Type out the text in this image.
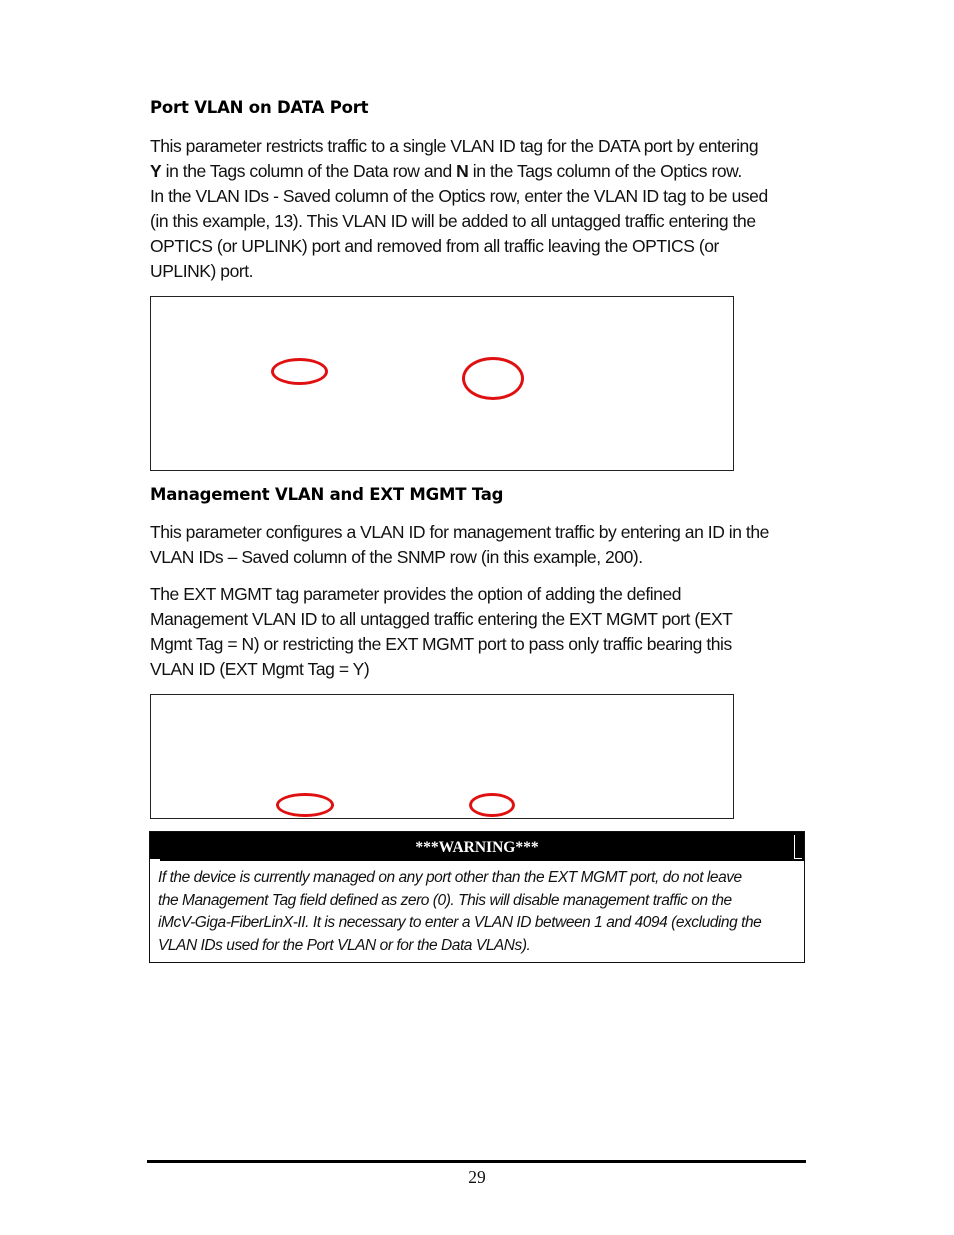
Port VLAN on DATA Port
This parameter restricts traffic to a single VLAN ID tag for the DATA port by entering
Y in the Tags column of the Data row and N in the Tags column of the Optics row.
In the VLAN IDs - Saved column of the Optics row, enter the VLAN ID tag to be used
(in this example, 13). This VLAN ID will be added to all untagged traffic entering the
OPTICS (or UPLINK) port and removed from all traffic leaving the OPTICS (or
UPLINK) port.
Management VLAN and EXT MGMT Tag
This parameter configures a VLAN ID for management traffic by entering an ID in the
VLAN IDs – Saved column of the SNMP row (in this example, 200).
The EXT MGMT tag parameter provides the option of adding the defined
Management VLAN ID to all untagged traffic entering the EXT MGMT port (EXT
Mgmt Tag = N) or restricting the EXT MGMT port to pass only traffic bearing this
VLAN ID (EXT Mgmt Tag = Y)
***WARNING***
If the device is currently managed on any port other than the EXT MGMT port, do not leave
the Management Tag field defined as zero (0). This will disable management traffic on the
iMcV-Giga-FiberLinX-II. It is necessary to enter a VLAN ID between 1 and 4094 (excluding the
VLAN IDs used for the Port VLAN or for the Data VLANs).
29
